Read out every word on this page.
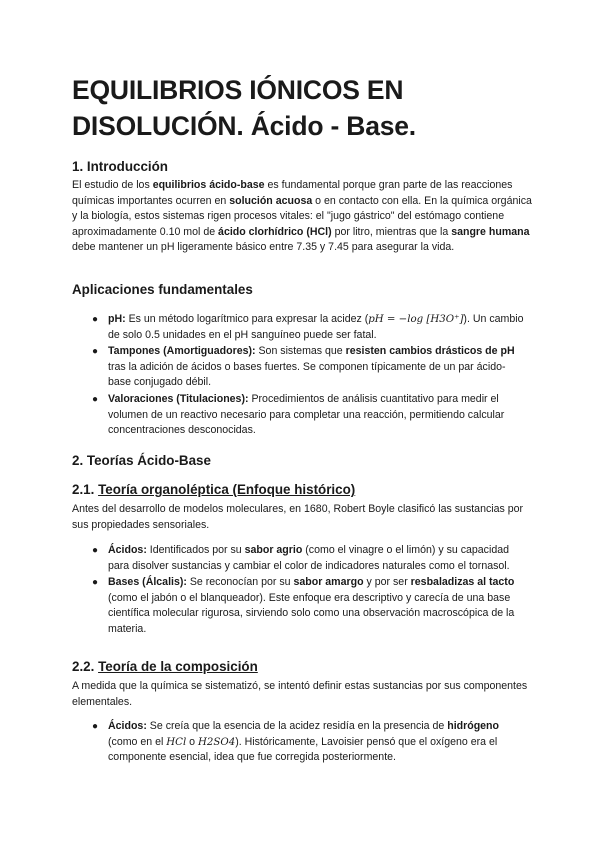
EQUILIBRIOS IÓNICOS EN DISOLUCIÓN. Ácido - Base.
1. Introducción

El estudio de los equilibrios ácido-base es fundamental porque gran parte de las reacciones químicas importantes ocurren en solución acuosa o en contacto con ella. En la química orgánica y la biología, estos sistemas rigen procesos vitales: el "jugo gástrico" del estómago contiene aproximadamente 0.10 mol de ácido clorhídrico (HCl) por litro, mientras que la sangre humana debe mantener un pH ligeramente básico entre 7.35 y 7.45 para asegurar la vida.

Aplicaciones fundamentales
● pH: Es un método logarítmico para expresar la acidez (pH = −log [H3O⁺]). Un cambio de solo 0.5 unidades en el pH sanguíneo puede ser fatal.
● Tampones (Amortiguadores): Son sistemas que resisten cambios drásticos de pH tras la adición de ácidos o bases fuertes. Se componen típicamente de un par ácido-base conjugado débil.
● Valoraciones (Titulaciones): Procedimientos de análisis cuantitativo para medir el volumen de un reactivo necesario para completar una reacción, permitiendo calcular concentraciones desconocidas.
2. Teorías Ácido-Base
2.1. Teoría organoléptica (Enfoque histórico)

Antes del desarrollo de modelos moleculares, en 1680, Robert Boyle clasificó las sustancias por sus propiedades sensoriales.

● Ácidos: Identificados por su sabor agrio (como el vinagre o el limón) y su capacidad para disolver sustancias y cambiar el color de indicadores naturales como el tornasol.
● Bases (Álcalis): Se reconocían por su sabor amargo y por ser resbaladizas al tacto (como el jabón o el blanqueador). Este enfoque era descriptivo y carecía de una base científica molecular rigurosa, sirviendo solo como una observación macroscópica de la materia.
2.2. Teoría de la composición

A medida que la química se sistematizó, se intentó definir estas sustancias por sus componentes elementales.

● Ácidos: Se creía que la esencia de la acidez residía en la presencia de hidrógeno (como en el HCl o H2SO4). Históricamente, Lavoisier pensó que el oxígeno era el componente esencial, idea que fue corregida posteriormente.
